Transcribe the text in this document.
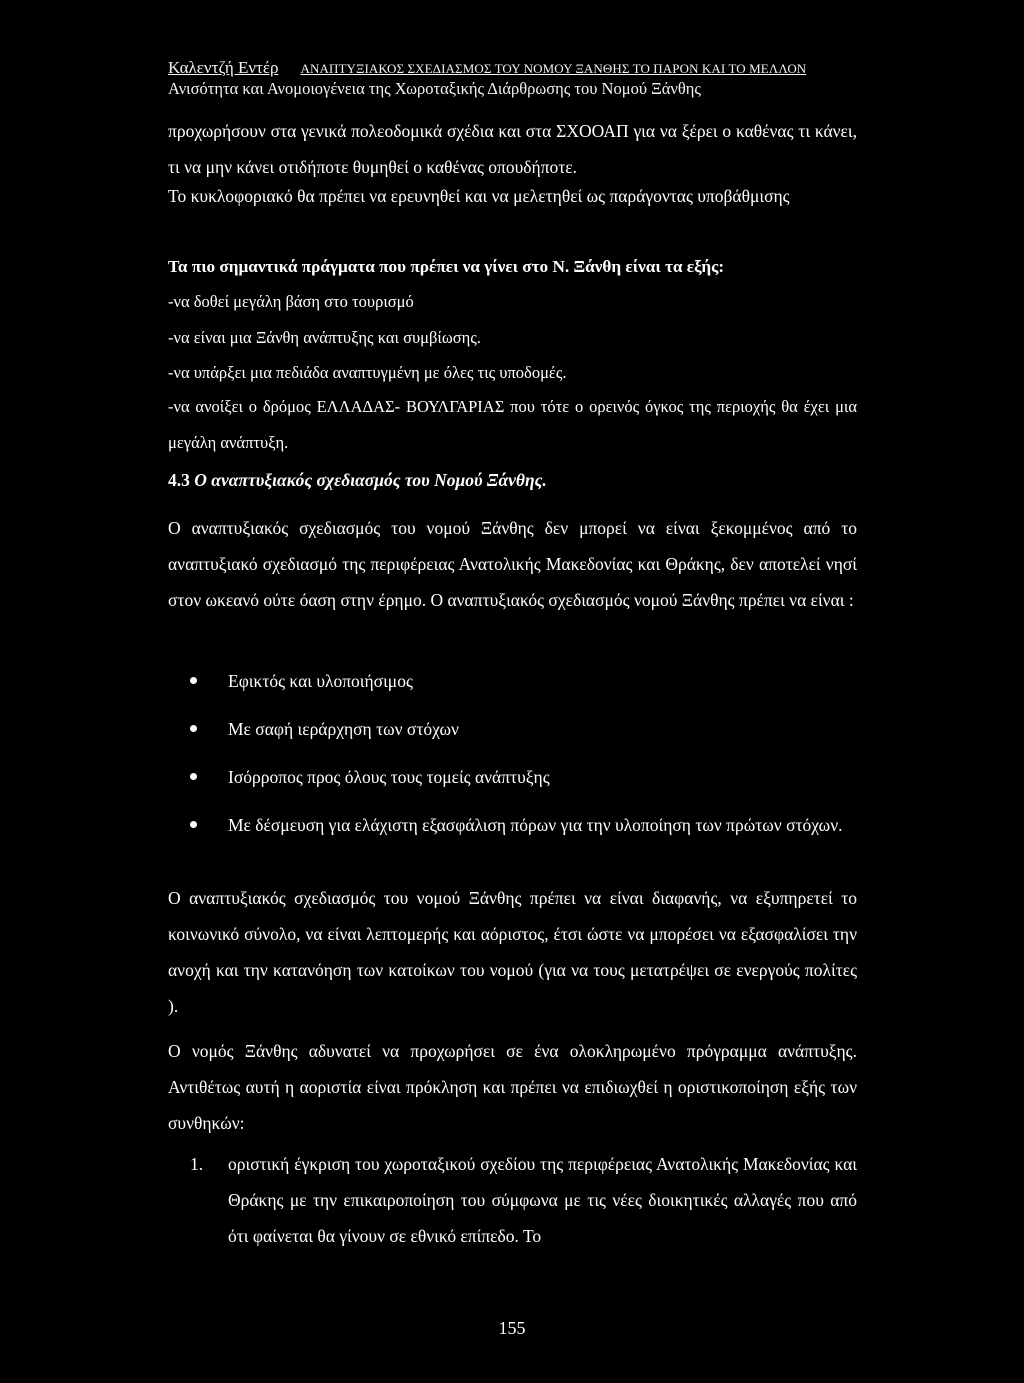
Καλεντζή Εντέρ ΑΝΑΠΤΥΞΙΑΚΟΣ ΣΧΕΔΙΑΣΜΟΣ ΤΟΥ ΝΟΜΟΥ ΞΑΝΘΗΣ ΤΟ ΠΑΡΟΝ ΚΑΙ ΤΟ ΜΕΛΛΟΝ
Ανισότητα και Ανομοιογένεια της Χωροταξικής Διάρθρωσης του Νομού Ξάνθης

προχωρήσουν στα γενικά πολεοδομικά σχέδια και στα ΣΧΟΟΑΠ για να ξέρει ο καθένας τι κάνει, τι να μην κάνει οτιδήποτε θυμηθεί ο καθένας οπουδήποτε.

Το κυκλοφοριακό θα πρέπει να ερευνηθεί και να μελετηθεί ως παράγοντας υποβάθμισης

Τα πιο σημαντικά πράγματα που πρέπει να γίνει στο Ν. Ξάνθη είναι τα εξής:

-να δοθεί μεγάλη βάση στο τουρισμό

-να είναι μια Ξάνθη ανάπτυξης και συμβίωσης.

-να υπάρξει μια πεδιάδα αναπτυγμένη με όλες τις υποδομές.

-να ανοίξει ο δρόμος ΕΛΛΑΔΑΣ- ΒΟΥΛΓΑΡΙΑΣ που τότε ο ορεινός όγκος της περιοχής θα έχει μια μεγάλη ανάπτυξη.

4.3 Ο αναπτυξιακός σχεδιασμός του Νομού Ξάνθης.

Ο αναπτυξιακός σχεδιασμός του νομού Ξάνθης δεν μπορεί να είναι ξεκομμένος από το αναπτυξιακό σχεδιασμό της περιφέρειας Ανατολικής Μακεδονίας και Θράκης, δεν αποτελεί νησί στον ωκεανό ούτε όαση στην έρημο. Ο αναπτυξιακός σχεδιασμός νομού Ξάνθης πρέπει να είναι :

Εφικτός και υλοποιήσιμος
Με σαφή ιεράρχηση των στόχων
Ισόρροπος προς όλους τους τομείς ανάπτυξης
Με δέσμευση για ελάχιστη εξασφάλιση πόρων για την υλοποίηση των πρώτων στόχων.

Ο αναπτυξιακός σχεδιασμός του νομού Ξάνθης πρέπει να είναι διαφανής, να εξυπηρετεί το κοινωνικό σύνολο, να είναι λεπτομερής και αόριστος, έτσι ώστε να μπορέσει να εξασφαλίσει την ανοχή και την κατανόηση των κατοίκων του νομού (για να τους μετατρέψει σε ενεργούς πολίτες ).

Ο νομός Ξάνθης αδυνατεί να προχωρήσει σε ένα ολοκληρωμένο πρόγραμμα ανάπτυξης. Αντιθέτως αυτή η αοριστία είναι πρόκληση και πρέπει να επιδιωχθεί η οριστικοποίηση εξής των συνθηκών:

1. οριστική έγκριση του χωροταξικού σχεδίου της περιφέρειας Ανατολικής Μακεδονίας και Θράκης με την επικαιροποίηση του σύμφωνα με τις νέες διοικητικές αλλαγές που από ότι φαίνεται θα γίνουν σε εθνικό επίπεδο. Το
155
